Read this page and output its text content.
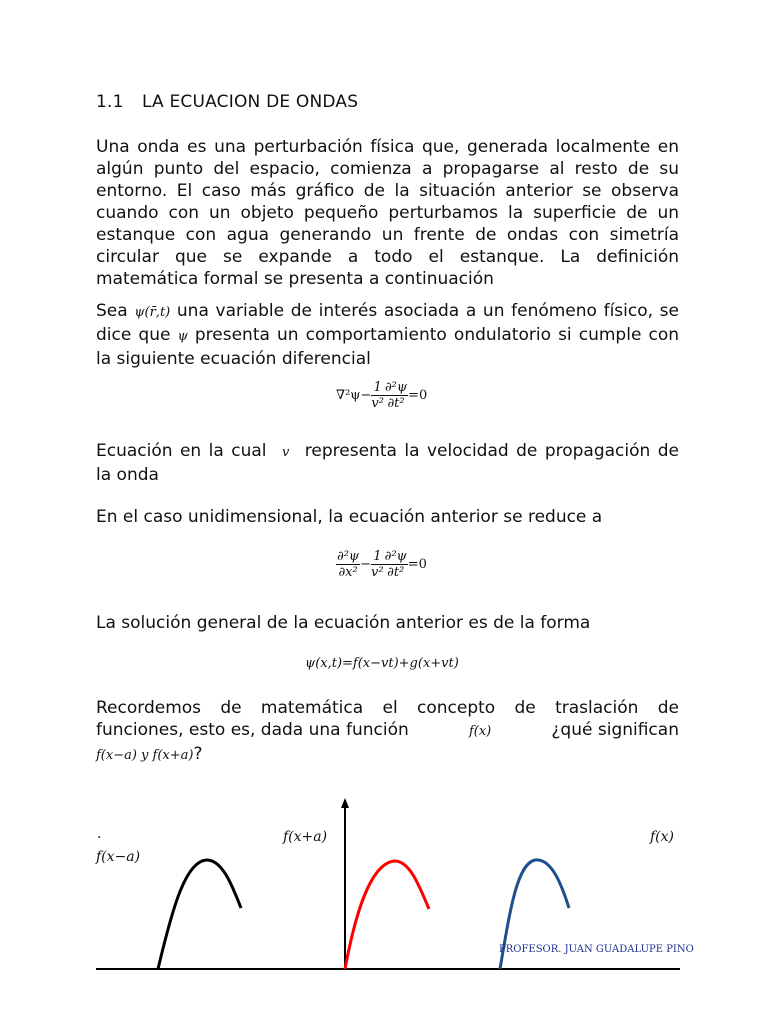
1.1 LA ECUACION DE ONDAS

Una onda es una perturbación física que, generada localmente en algún punto del espacio, comienza a propagarse al resto de su entorno. El caso más gráfico de la situación anterior se observa cuando con un objeto pequeño perturbamos la superficie de un estanque con agua generando un frente de ondas con simetría circular que se expande a todo el estanque. La definición matemática formal se presenta a continuación

Sea ψ(r̄,t) una variable de interés asociada a un fenómeno físico, se dice que ψ presenta un comportamiento ondulatorio si cumple con la siguiente ecuación diferencial

$\nabla^2\psi- \frac{1}{\text{v²}} \frac{\text{∂²ψ}}{\text{∂t²}} =0$

Ecuación en la cual v representa la velocidad de propagación de la onda

En el caso unidimensional, la ecuación anterior se reduce a

$\frac{\text{∂²ψ}}{\text{∂x²}} - \frac{1}{\text{v²}} \frac{\text{∂²ψ}}{\text{∂t²}} =0$

La solución general de la ecuación anterior es de la forma

ψ(x,t)=f(x−vt)+g(x+vt)
Recordemos de matemática el concepto de traslación de
funciones, esto es, dada una función	f(x)	¿qué significan
f(x−a) y f(x+a)?
.
f(x−a)
f(x+a)	f(x)
PROFESOR. JUAN GUADALUPE PINO
